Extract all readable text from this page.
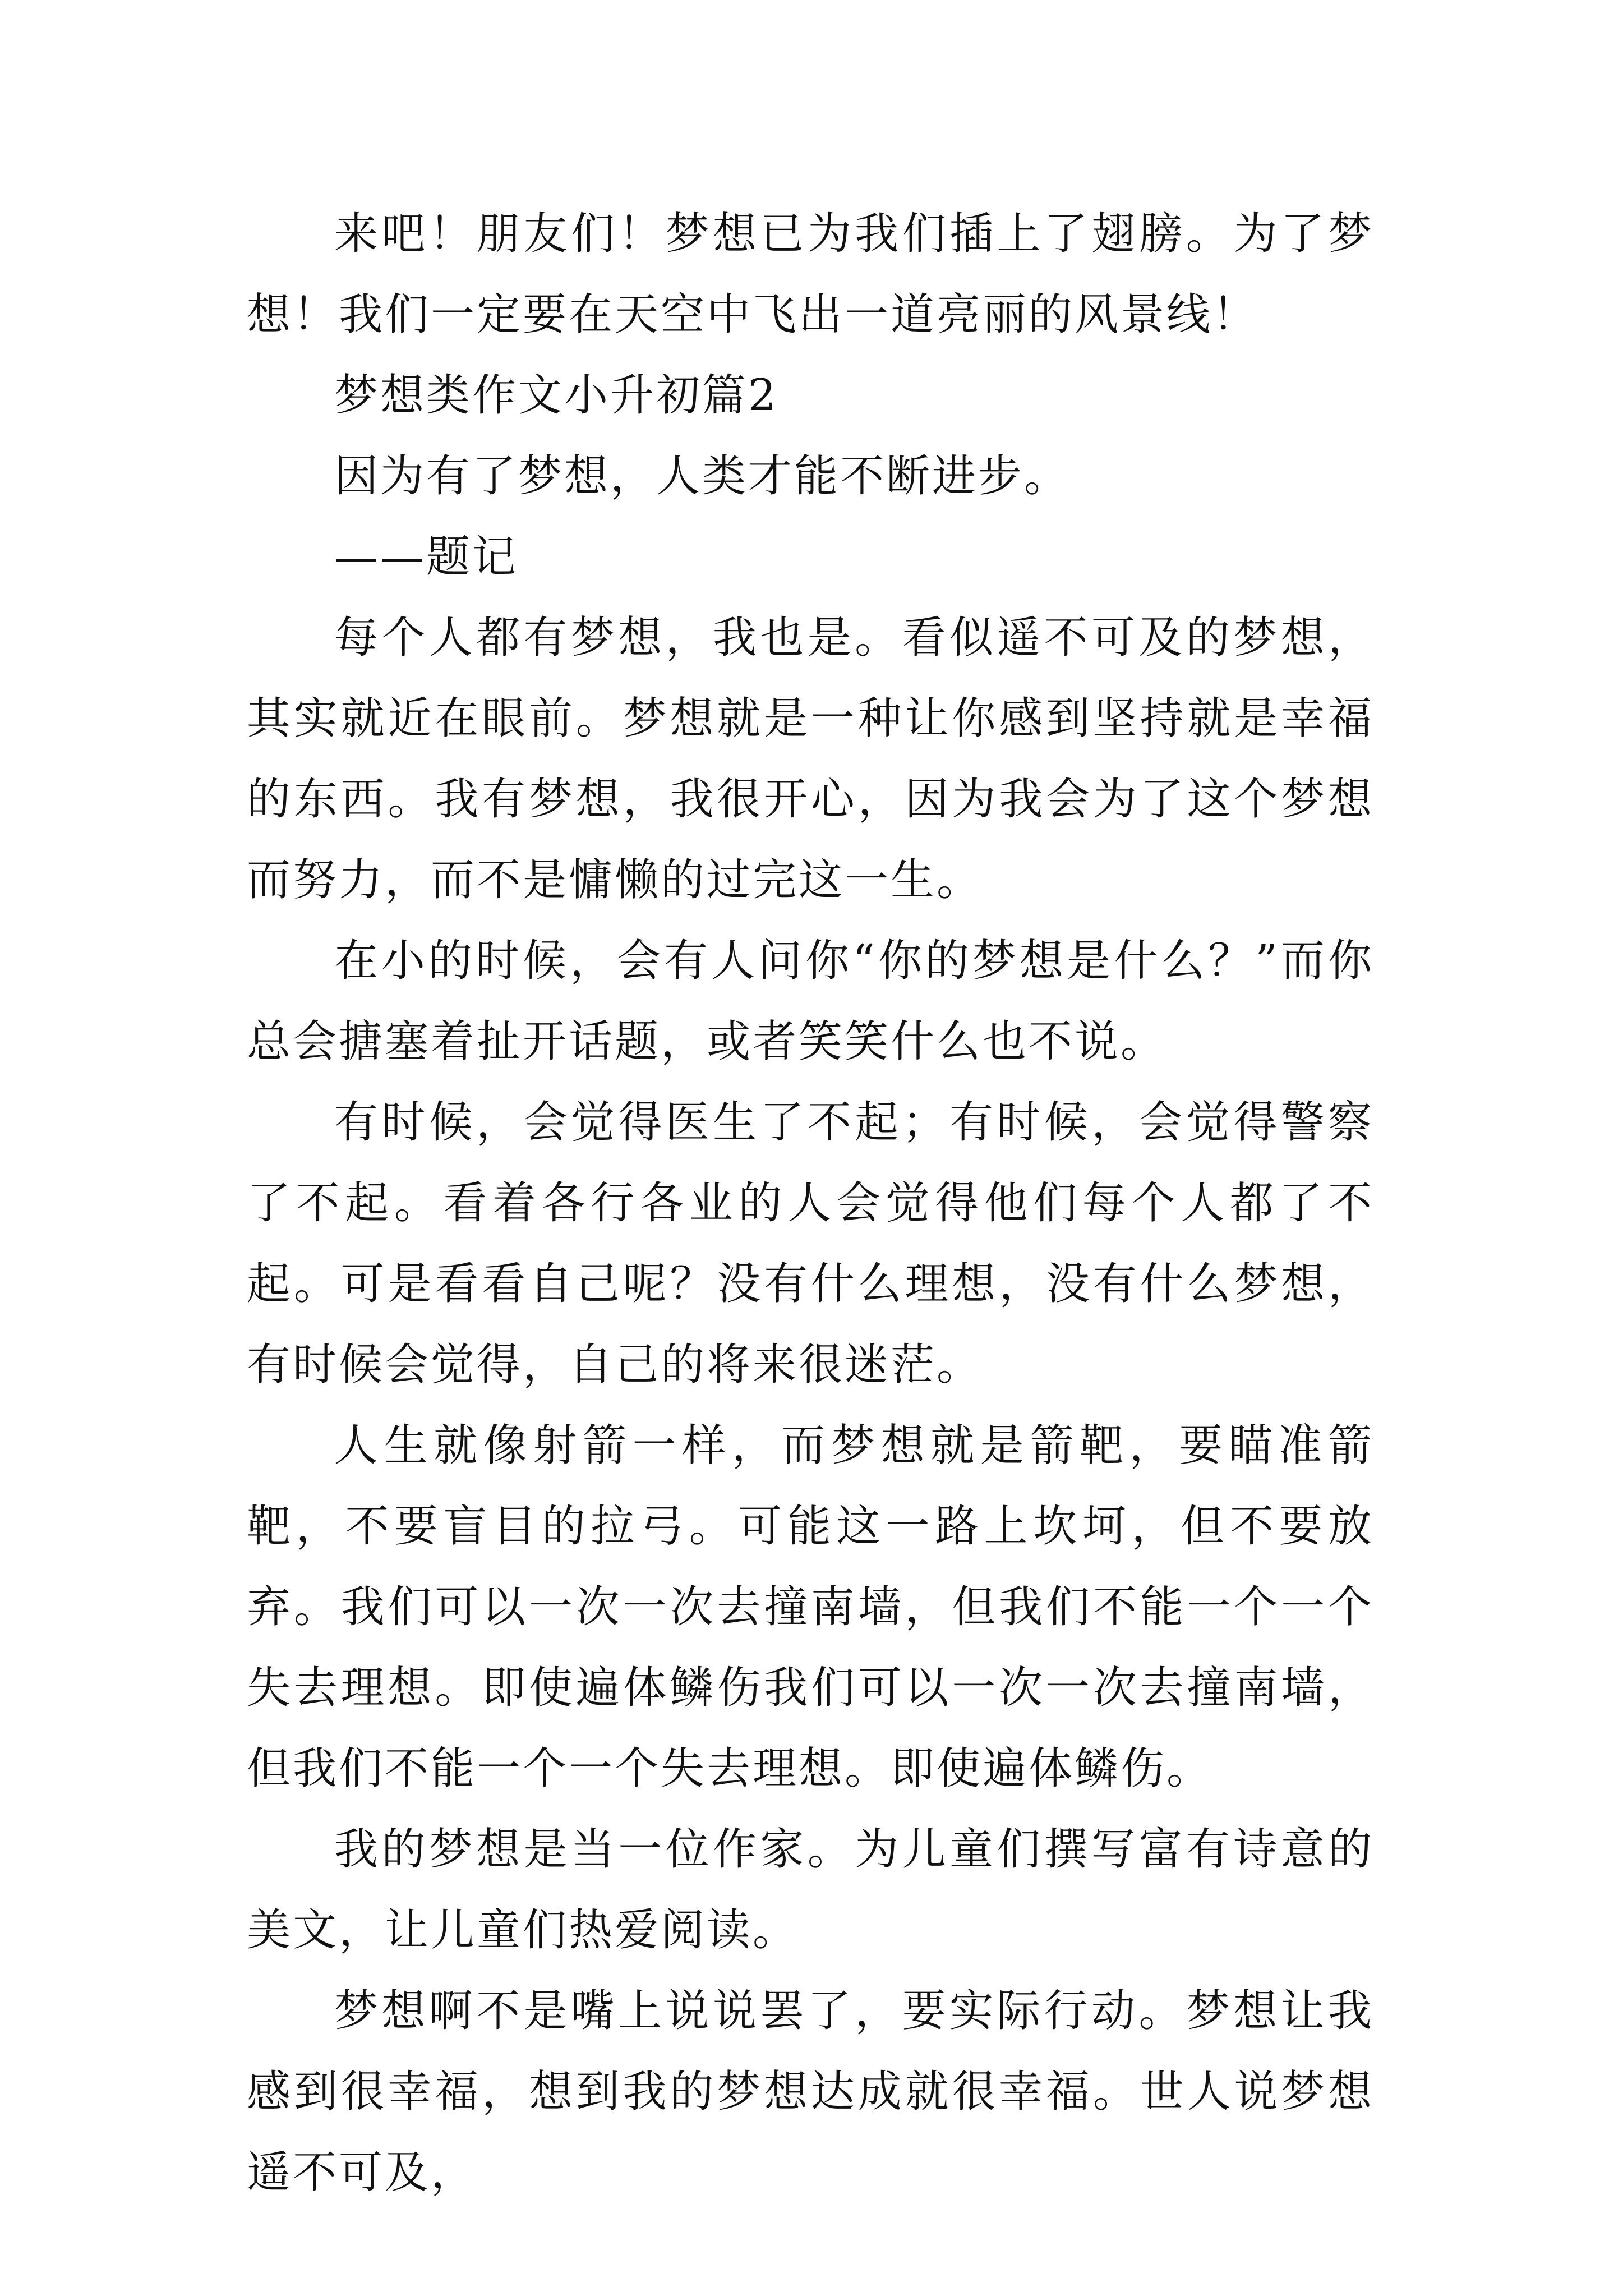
来吧！朋友们！梦想已为我们插上了翅膀。为了梦想！我们一定要在天空中飞出一道亮丽的风景线！

梦想类作文小升初篇2

因为有了梦想，人类才能不断进步。

——题记

每个人都有梦想，我也是。看似遥不可及的梦想，其实就近在眼前。梦想就是一种让你感到坚持就是幸福的东西。我有梦想，我很开心，因为我会为了这个梦想而努力，而不是慵懒的过完这一生。

在小的时候，会有人问你“你的梦想是什么？”而你总会搪塞着扯开话题，或者笑笑什么也不说。

有时候，会觉得医生了不起；有时候，会觉得警察了不起。看着各行各业的人会觉得他们每个人都了不起。可是看看自己呢？没有什么理想，没有什么梦想，有时候会觉得，自己的将来很迷茫。

人生就像射箭一样，而梦想就是箭靶，要瞄准箭靶，不要盲目的拉弓。可能这一路上坎坷，但不要放弃。我们可以一次一次去撞南墙，但我们不能一个一个失去理想。即使遍体鳞伤我们可以一次一次去撞南墙，但我们不能一个一个失去理想。即使遍体鳞伤。

我的梦想是当一位作家。为儿童们撰写富有诗意的美文，让儿童们热爱阅读。

梦想啊不是嘴上说说罢了，要实际行动。梦想让我感到很幸福，想到我的梦想达成就很幸福。世人说梦想遥不可及，
